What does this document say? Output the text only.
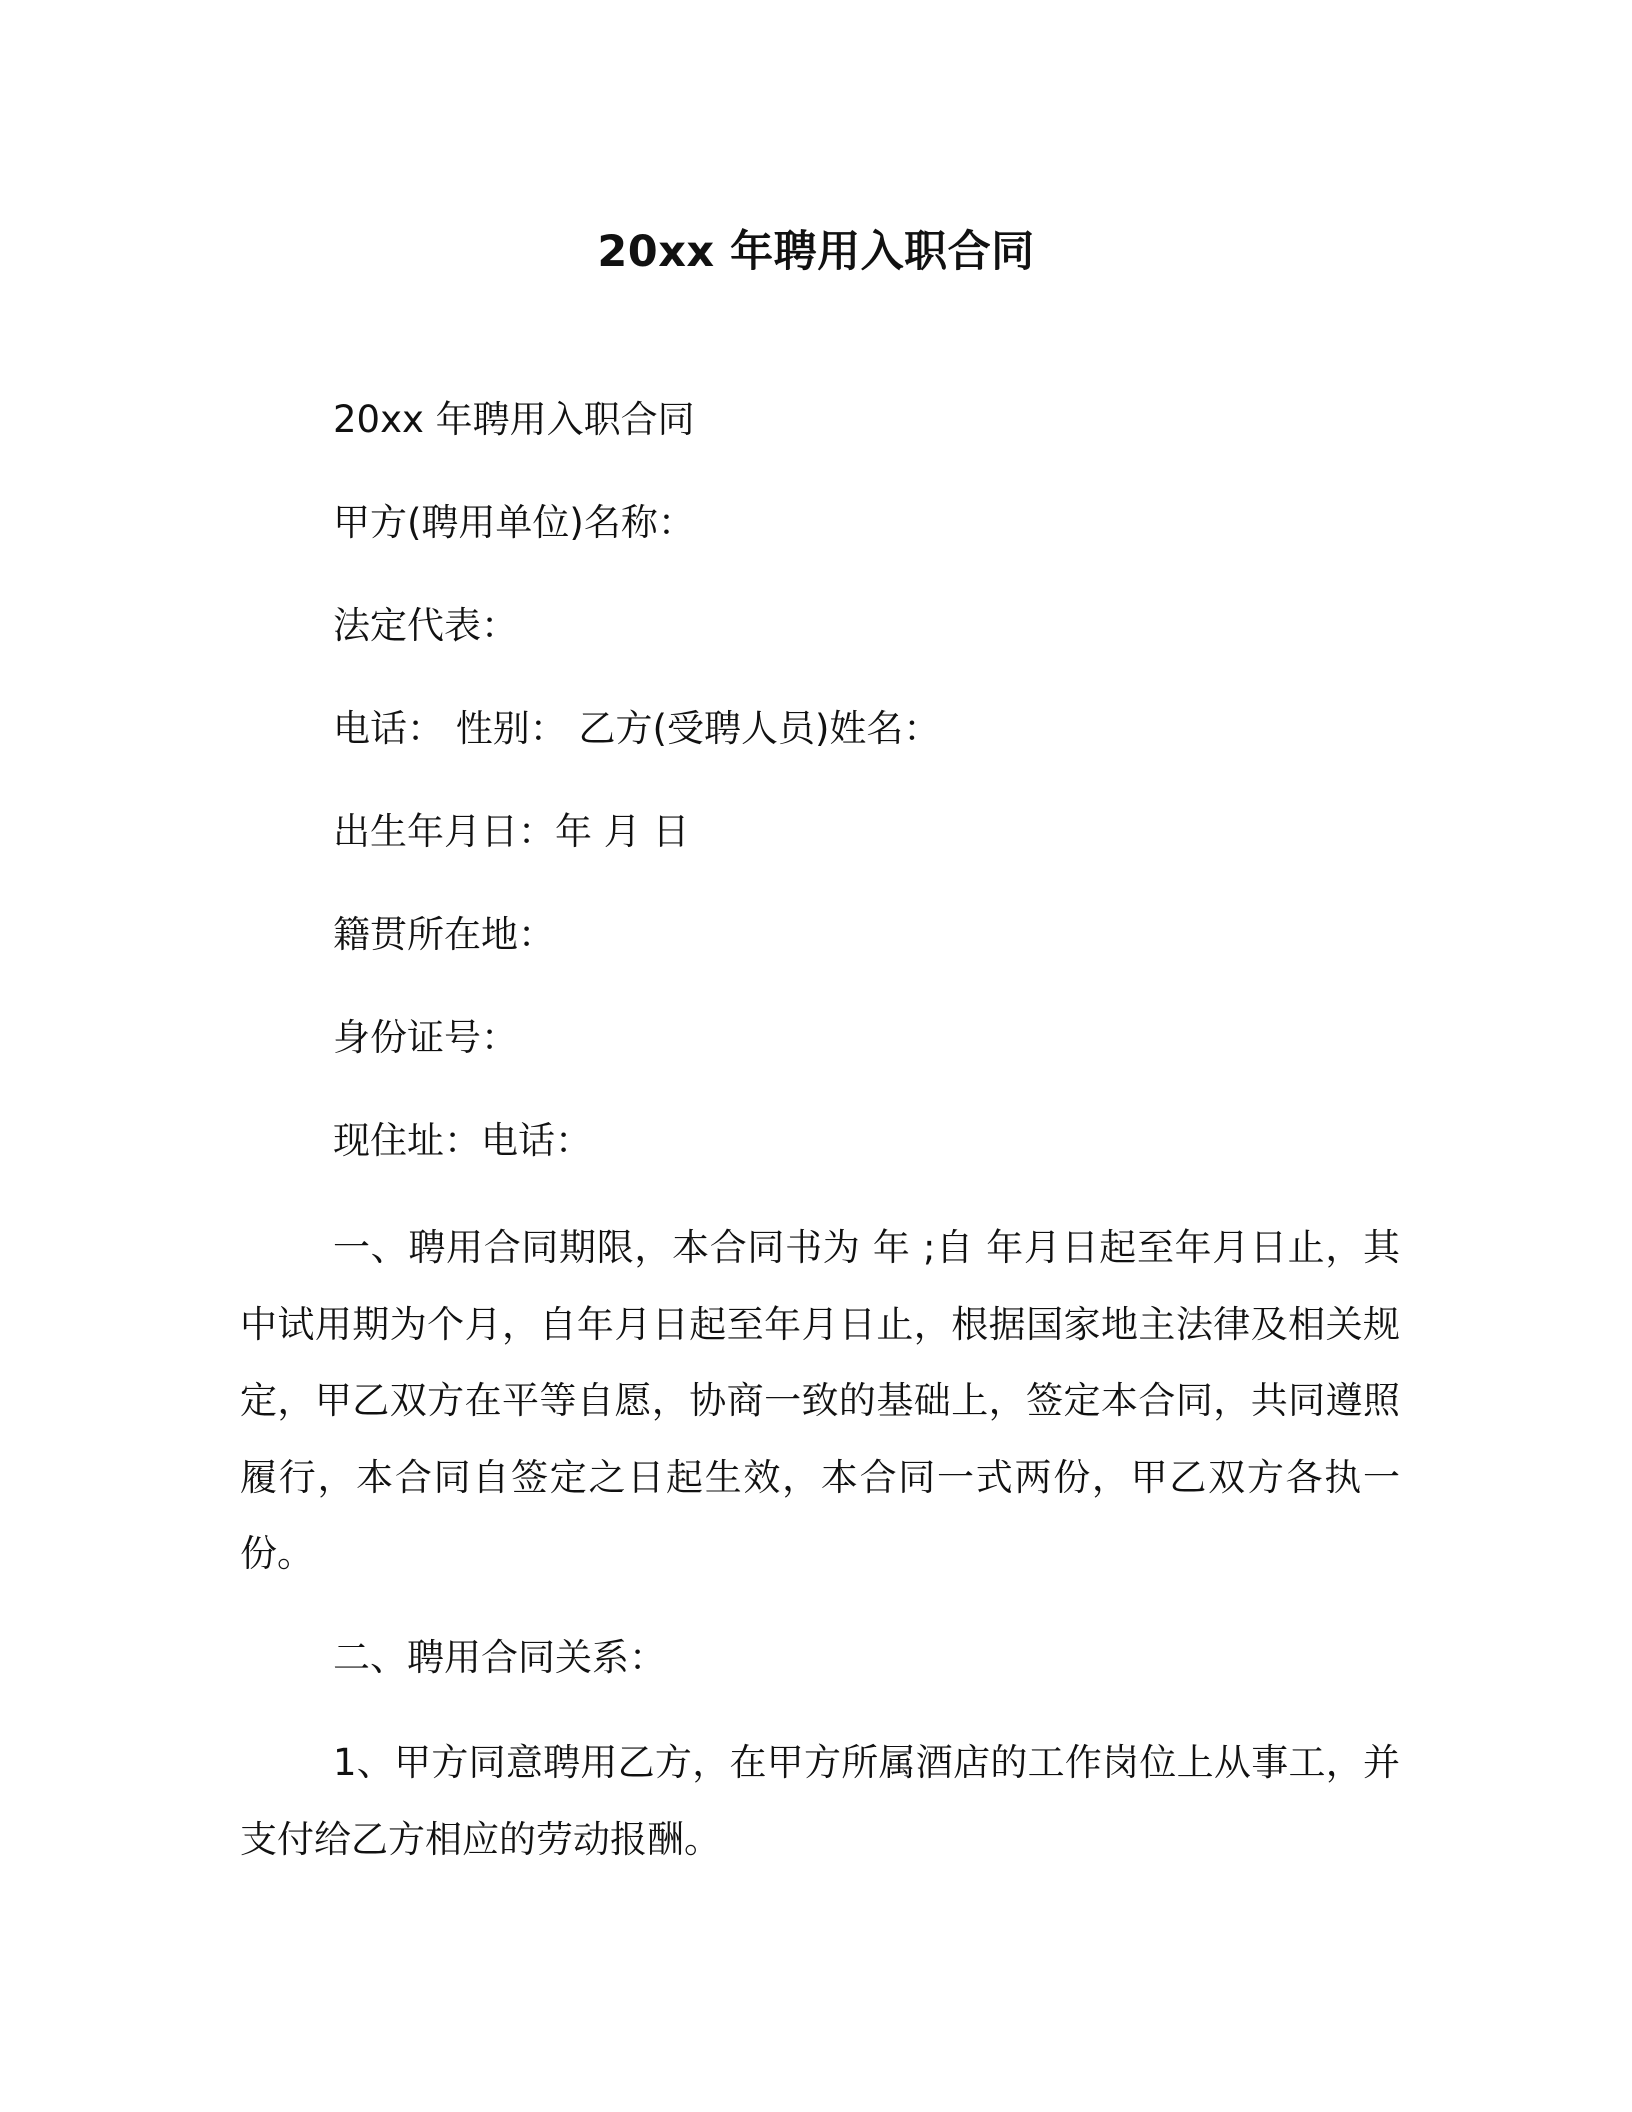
20xx 年聘用入职合同
20xx 年聘用入职合同
甲方(聘用单位)名称：
法定代表：
电话： 性别： 乙方(受聘人员)姓名：
出生年月日：年 月 日
籍贯所在地：
身份证号：
现住址：电话：

一、聘用合同期限，本合同书为 年 ;自 年月日起至年月日止，其中试用期为个月，自年月日起至年月日止，根据国家地主法律及相关规定，甲乙双方在平等自愿，协商一致的基础上，签定本合同，共同遵照履行，本合同自签定之日起生效，本合同一式两份，甲乙双方各执一份。

二、聘用合同关系：

1、甲方同意聘用乙方，在甲方所属酒店的工作岗位上从事工，并支付给乙方相应的劳动报酬。
